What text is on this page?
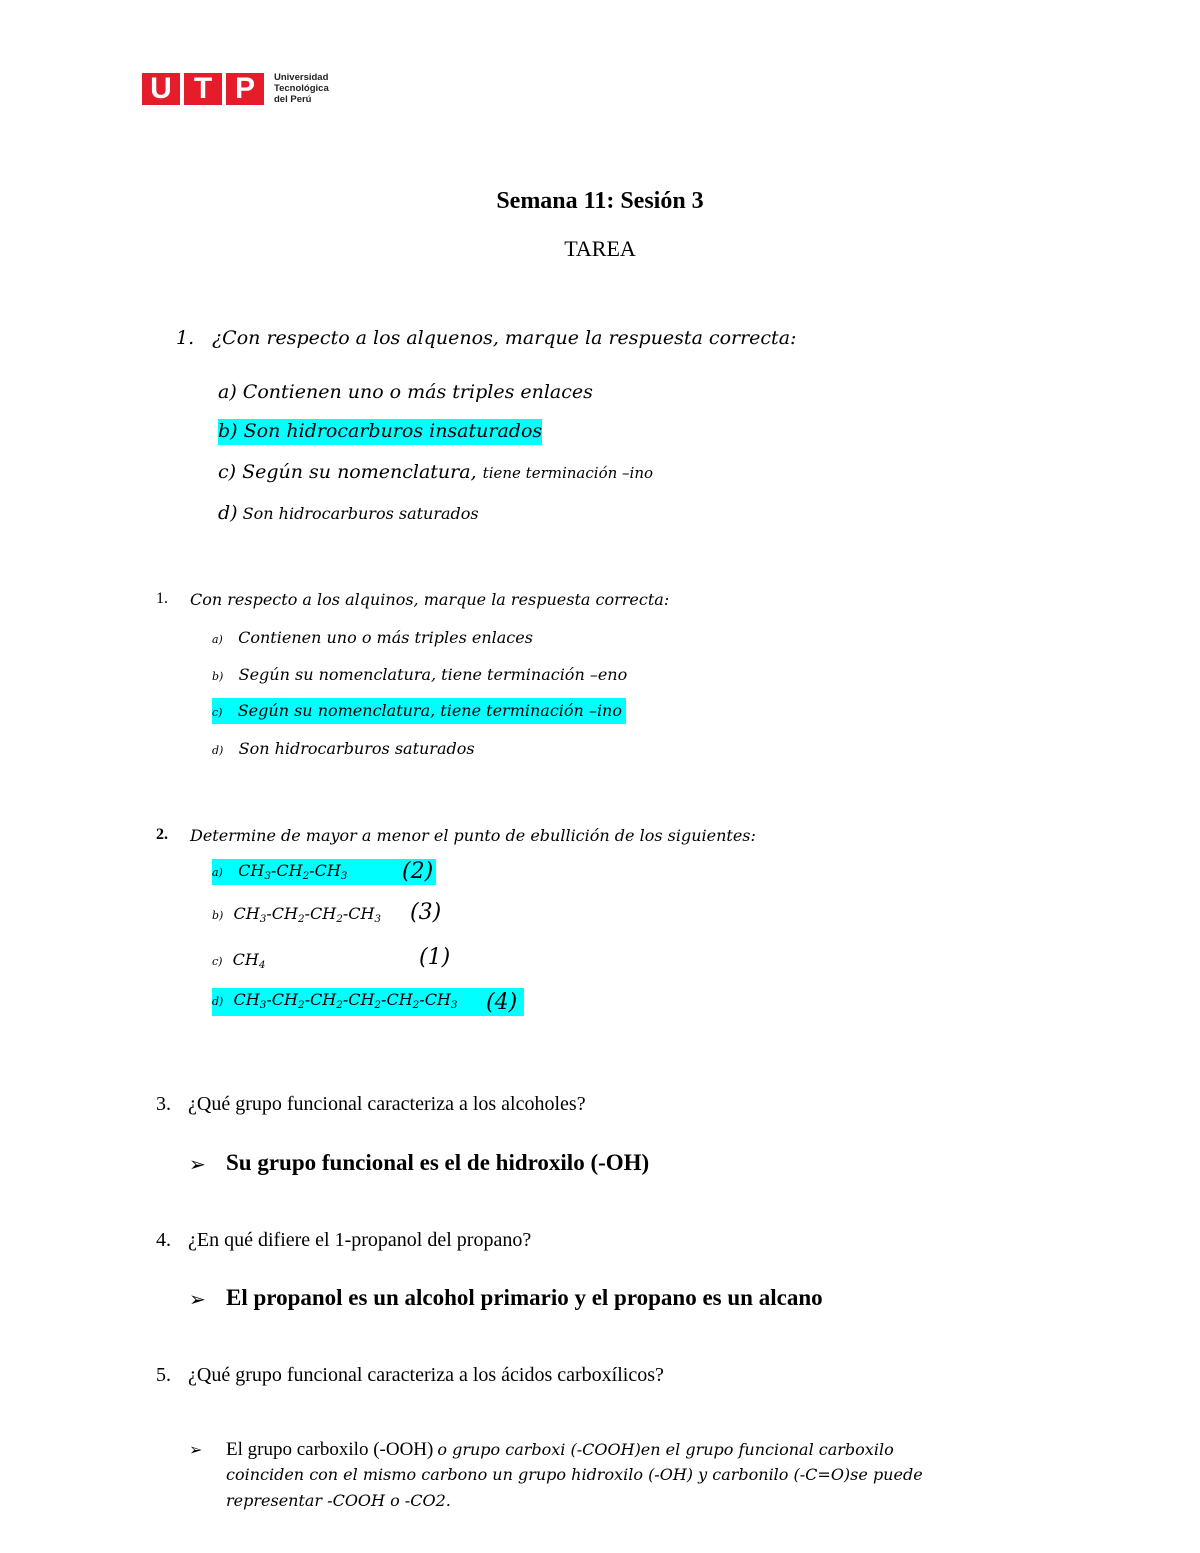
U T P	Universidad
Tecnológica
del Perú
Semana 11: Sesión 3
TAREA
1. ¿Con respecto a los alquenos, marque la respuesta correcta:
a) Contienen uno o más triples enlaces
b) Son hidrocarburos insaturados
c) Según su nomenclatura, tiene terminación –ino
d) Son hidrocarburos saturados
1. Con respecto a los alquinos, marque la respuesta correcta:
a) Contienen uno o más triples enlaces
b) Según su nomenclatura, tiene terminación –eno
c) Según su nomenclatura, tiene terminación –ino
d) Son hidrocarburos saturados
2. Determine de mayor a menor el punto de ebullición de los siguientes:
a) $CH_3-CH_2-CH_3$ (2)
b) $CH_3-CH_2-CH_2-CH_3$ (3)
c) $CH_4$	(1)
d) $CH_3-CH_2-CH_2-CH_2-CH_2-CH_3$ (4)
3. ¿Qué grupo funcional caracteriza a los alcoholes?
➢ Su grupo funcional es el de hidroxilo (-OH)
4. ¿En qué difiere el 1-propanol del propano?
➢ El propanol es un alcohol primario y el propano es un alcano
5. ¿Qué grupo funcional caracteriza a los ácidos carboxílicos?
➢ El grupo carboxilo (-OOH) o grupo carboxi (-COOH)en el grupo funcional carboxilo
coinciden con el mismo carbono un grupo hidroxilo (-OH) y carbonilo (-C=O)se puede
representar -COOH o -CO2.
